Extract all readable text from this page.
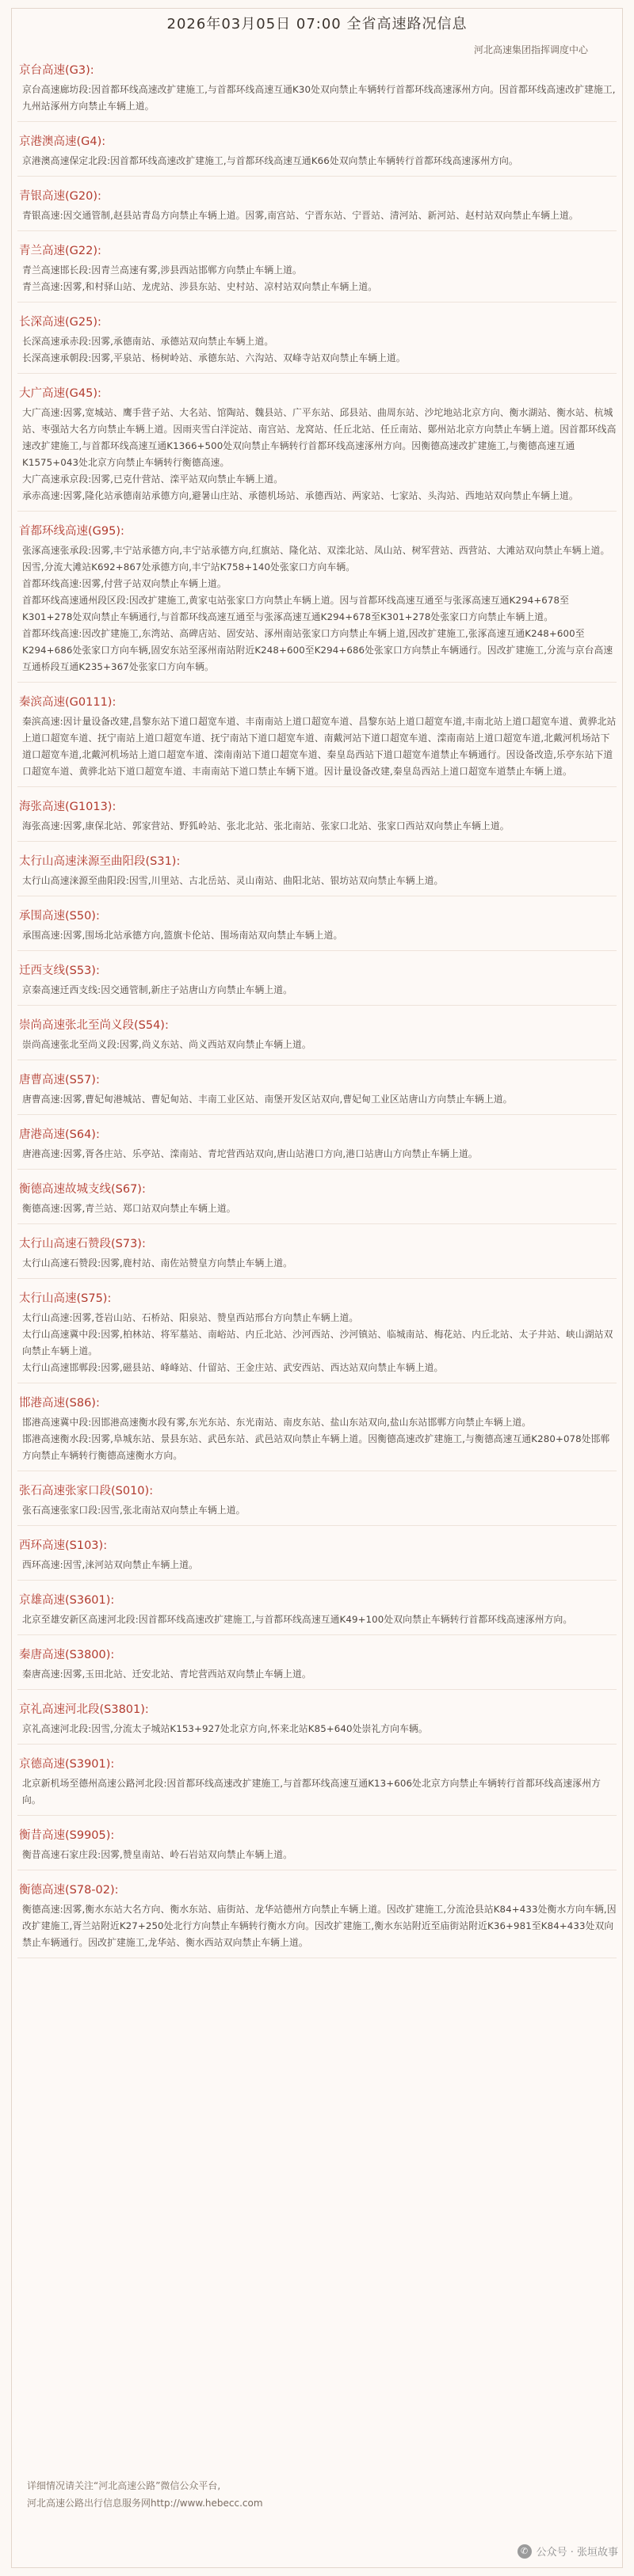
2026年03月05日 07:00 全省高速路况信息
河北高速集团指挥调度中心
京台高速(G3):
京台高速廊坊段:因首都环线高速改扩建施工,与首都环线高速互通K30处双向禁止车辆转行首都环线高速涿州方向。因首都环线高速改扩建施工,九州站涿州方向禁止车辆上道。
京港澳高速(G4):
京港澳高速保定北段:因首都环线高速改扩建施工,与首都环线高速互通K66处双向禁止车辆转行首都环线高速涿州方向。
青银高速(G20):
青银高速:因交通管制,赵县站青岛方向禁止车辆上道。因雾,南宫站、宁晋东站、宁晋站、清河站、新河站、赵村站双向禁止车辆上道。
青兰高速(G22):
青兰高速邯长段:因青兰高速有雾,涉县西站邯郸方向禁止车辆上道。
青兰高速:因雾,和村驿山站、龙虎站、涉县东站、史村站、凉村站双向禁止车辆上道。
长深高速(G25):
长深高速承赤段:因雾,承德南站、承德站双向禁止车辆上道。
长深高速承朝段:因雾,平泉站、杨树岭站、承德东站、六沟站、双峰寺站双向禁止车辆上道。
大广高速(G45):
大广高速:因雾,宽城站、鹰手营子站、大名站、馆陶站、魏县站、广平东站、邱县站、曲周东站、沙坨地站北京方向、衡水湖站、衡水站、杭城站、枣强站大名方向禁止车辆上道。因雨夹雪白洋淀站、南宫站、龙窝站、任丘北站、任丘南站、鄚州站北京方向禁止车辆上道。因首都环线高速改扩建施工,与首都环线高速互通K1366+500处双向禁止车辆转行首都环线高速涿州方向。因衡德高速改扩建施工,与衡德高速互通K1575+043处北京方向禁止车辆转行衡德高速。
大广高速承京段:因雾,已克什营站、滦平站双向禁止车辆上道。
承赤高速:因雾,隆化站承德南站承德方向,避暑山庄站、承德机场站、承德西站、两家站、七家站、头沟站、西地站双向禁止车辆上道。
首都环线高速(G95):
张涿高速张承段:因雾,丰宁站承德方向,丰宁站承德方向,红旗站、隆化站、双滦北站、凤山站、树军营站、西营站、大滩站双向禁止车辆上道。因雪,分流大滩站K692+867处承德方向,丰宁站K758+140处张家口方向车辆。
首都环线高速:因雾,付营子站双向禁止车辆上道。
首都环线高速通州段区段:因改扩建施工,黄家屯站张家口方向禁止车辆上道。因与首都环线高速互通至与张涿高速互通K294+678至K301+278处双向禁止车辆通行,与首都环线高速互通至与张涿高速互通K294+678至K301+278处张家口方向禁止车辆上道。
首都环线高速:因改扩建施工,东湾站、高碑店站、固安站、涿州南站张家口方向禁止车辆上道,因改扩建施工,张涿高速互通K248+600至K294+686处张家口方向车辆,固安东站至涿州南站附近K248+600至K294+686处张家口方向禁止车辆通行。因改扩建施工,分流与京台高速互通桥段互通K235+367处张家口方向车辆。
秦滨高速(G0111):
秦滨高速:因计量设备改建,昌黎东站下道口超宽车道、丰南南站上道口超宽车道、昌黎东站上道口超宽车道,丰南北站上道口超宽车道、黄骅北站上道口超宽车道、抚宁南站上道口超宽车道、抚宁南站下道口超宽车道、南戴河站下道口超宽车道、滦南南站上道口超宽车道,北戴河机场站下道口超宽车道,北戴河机场站上道口超宽车道、滦南南站下道口超宽车道、秦皇岛西站下道口超宽车道禁止车辆通行。因设备改造,乐亭东站下道口超宽车道、黄骅北站下道口超宽车道、丰南南站下道口禁止车辆下道。因计量设备改建,秦皇岛西站上道口超宽车道禁止车辆上道。
海张高速(G1013):
海张高速:因雾,康保北站、郭家营站、野狐岭站、张北北站、张北南站、张家口北站、张家口西站双向禁止车辆上道。
太行山高速涞源至曲阳段(S31):
太行山高速涞源至曲阳段:因雪,川里站、古北岳站、灵山南站、曲阳北站、银坊站双向禁止车辆上道。
承围高速(S50):
承围高速:因雾,围场北站承德方向,篮旗卡伦站、围场南站双向禁止车辆上道。
迁西支线(S53):
京秦高速迁西支线:因交通管制,新庄子站唐山方向禁止车辆上道。
崇尚高速张北至尚义段(S54):
崇尚高速张北至尚义段:因雾,尚义东站、尚义西站双向禁止车辆上道。
唐曹高速(S57):
唐曹高速:因雾,曹妃甸港城站、曹妃甸站、丰南工业区站、南堡开发区站双向,曹妃甸工业区站唐山方向禁止车辆上道。
唐港高速(S64):
唐港高速:因雾,胥各庄站、乐亭站、滦南站、青坨营西站双向,唐山站港口方向,港口站唐山方向禁止车辆上道。
衡德高速故城支线(S67):
衡德高速:因雾,青兰站、郑口站双向禁止车辆上道。
太行山高速石赞段(S73):
太行山高速石赞段:因雾,鹿村站、南佐站赞皇方向禁止车辆上道。
太行山高速(S75):
太行山高速:因雾,苍岩山站、石桥站、阳泉站、赞皇西站邢台方向禁止车辆上道。
太行山高速冀中段:因雾,柏林站、将军墓站、南峪站、内丘北站、沙河西站、沙河镇站、临城南站、梅花站、内丘北站、太子井站、峡山湖站双向禁止车辆上道。
太行山高速邯郸段:因雾,磁县站、峰峰站、什留站、王金庄站、武安西站、西达站双向禁止车辆上道。
邯港高速(S86):
邯港高速冀中段:因邯港高速衡水段有雾,东光东站、东光南站、南皮东站、盐山东站双向,盐山东站邯郸方向禁止车辆上道。
邯港高速衡水段:因雾,阜城东站、景县东站、武邑东站、武邑站双向禁止车辆上道。因衡德高速改扩建施工,与衡德高速互通K280+078处邯郸方向禁止车辆转行衡德高速衡水方向。
张石高速张家口段(S010):
张石高速张家口段:因雪,张北南站双向禁止车辆上道。
西环高速(S103):
西环高速:因雪,涞河站双向禁止车辆上道。
京雄高速(S3601):
北京至雄安新区高速河北段:因首都环线高速改扩建施工,与首都环线高速互通K49+100处双向禁止车辆转行首都环线高速涿州方向。
秦唐高速(S3800):
秦唐高速:因雾,玉田北站、迁安北站、青坨营西站双向禁止车辆上道。
京礼高速河北段(S3801):
京礼高速河北段:因雪,分流太子城站K153+927处北京方向,怀来北站K85+640处崇礼方向车辆。
京德高速(S3901):
北京新机场至德州高速公路河北段:因首都环线高速改扩建施工,与首都环线高速互通K13+606处北京方向禁止车辆转行首都环线高速涿州方向。
衡昔高速(S9905):
衡昔高速石家庄段:因雾,赞皇南站、岭石岩站双向禁止车辆上道。
衡德高速(S78-02):
衡德高速:因雾,衡水东站大名方向、衡水东站、庙街站、龙华站德州方向禁止车辆上道。因改扩建施工,分流沧县站K84+433处衡水方向车辆,因改扩建施工,胥兰站附近K27+250处北行方向禁止车辆转行衡水方向。因改扩建施工,衡水东站附近至庙街站附近K36+981至K84+433处双向禁止车辆通行。因改扩建施工,龙华站、衡水西站双向禁止车辆上道。
详细情况请关注“河北高速公路”微信公众平台,
河北高速公路出行信息服务网http://www.hebecc.com
✆ 公众号 · 张垣故事
